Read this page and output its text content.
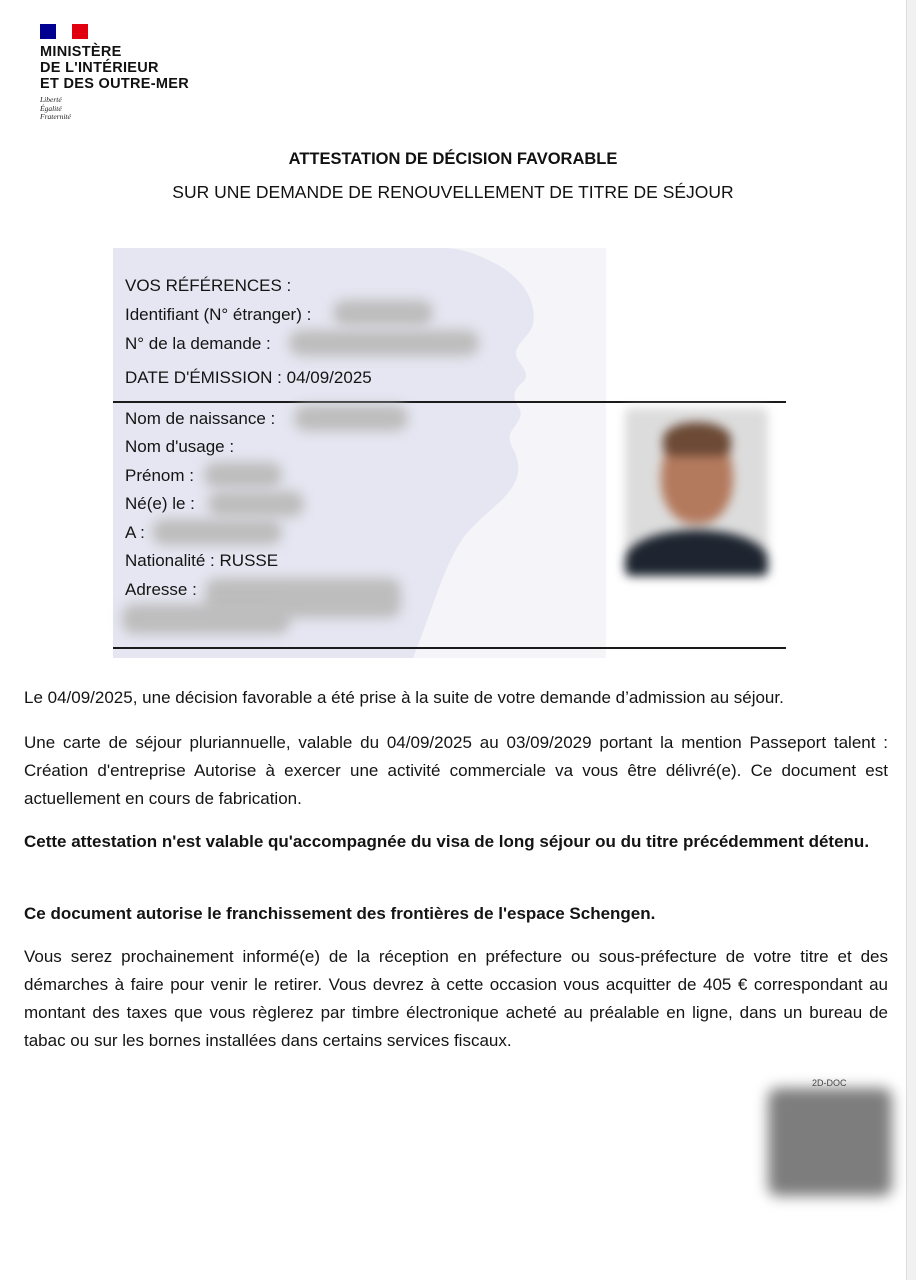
MINISTÈRE
DE L'INTÉRIEUR
ET DES OUTRE-MER
Liberté
Égalité
Fraternité
ATTESTATION DE DÉCISION FAVORABLE
SUR UNE DEMANDE DE RENOUVELLEMENT DE TITRE DE SÉJOUR
VOS RÉFÉRENCES :
Identifiant (N° étranger) :
N° de la demande :
DATE D'ÉMISSION : 04/09/2025
Nom de naissance :
Nom d'usage :
Prénom :
Né(e) le :
A :
Nationalité : RUSSE
Adresse :
Le 04/09/2025, une décision favorable a été prise à la suite de votre demande d’admission au séjour.
Une carte de séjour pluriannuelle, valable du 04/09/2025 au 03/09/2029 portant la mention Passeport talent : Création d'entreprise Autorise à exercer une activité commerciale va vous être délivré(e). Ce document est actuellement en cours de fabrication.
Cette attestation n'est valable qu'accompagnée du visa de long séjour ou du titre précédemment détenu.
Ce document autorise le franchissement des frontières de l'espace Schengen.
Vous serez prochainement informé(e) de la réception en préfecture ou sous-préfecture de votre titre et des démarches à faire pour venir le retirer. Vous devrez à cette occasion vous acquitter de 405 € correspondant au montant des taxes que vous règlerez par timbre électronique acheté au préalable en ligne, dans un bureau de tabac ou sur les bornes installées dans certains services fiscaux.
2D-DOC
